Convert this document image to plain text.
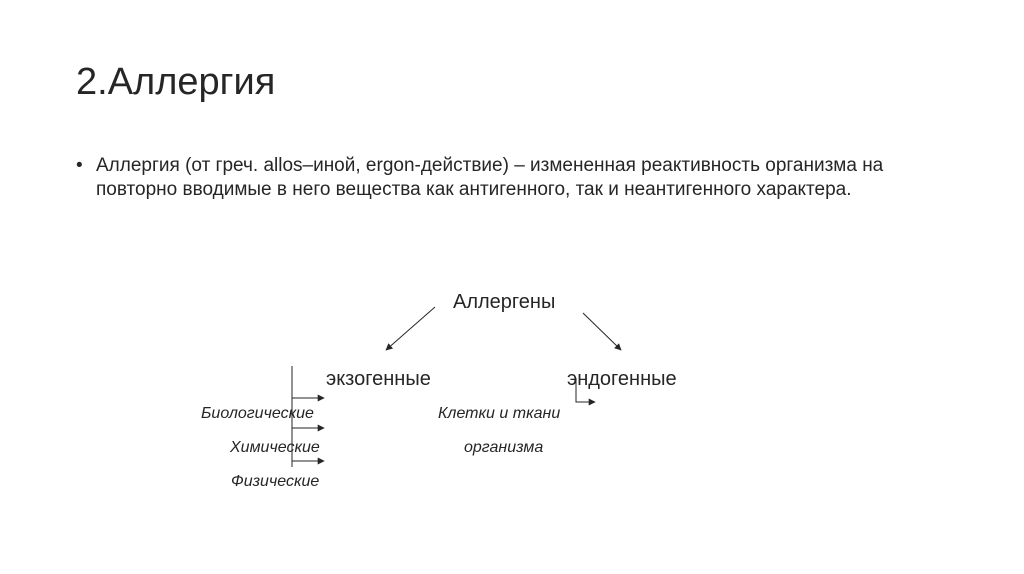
2.Аллергия
• Аллергия (от греч. allos–иной, ergon-действие) – измененная реактивность организма на повторно вводимые в него вещества как антигенного, так и неантигенного характера.
Аллергены
экзогенные	эндогенные
Биологические
Химические
Физические
Клетки и ткани
организма
